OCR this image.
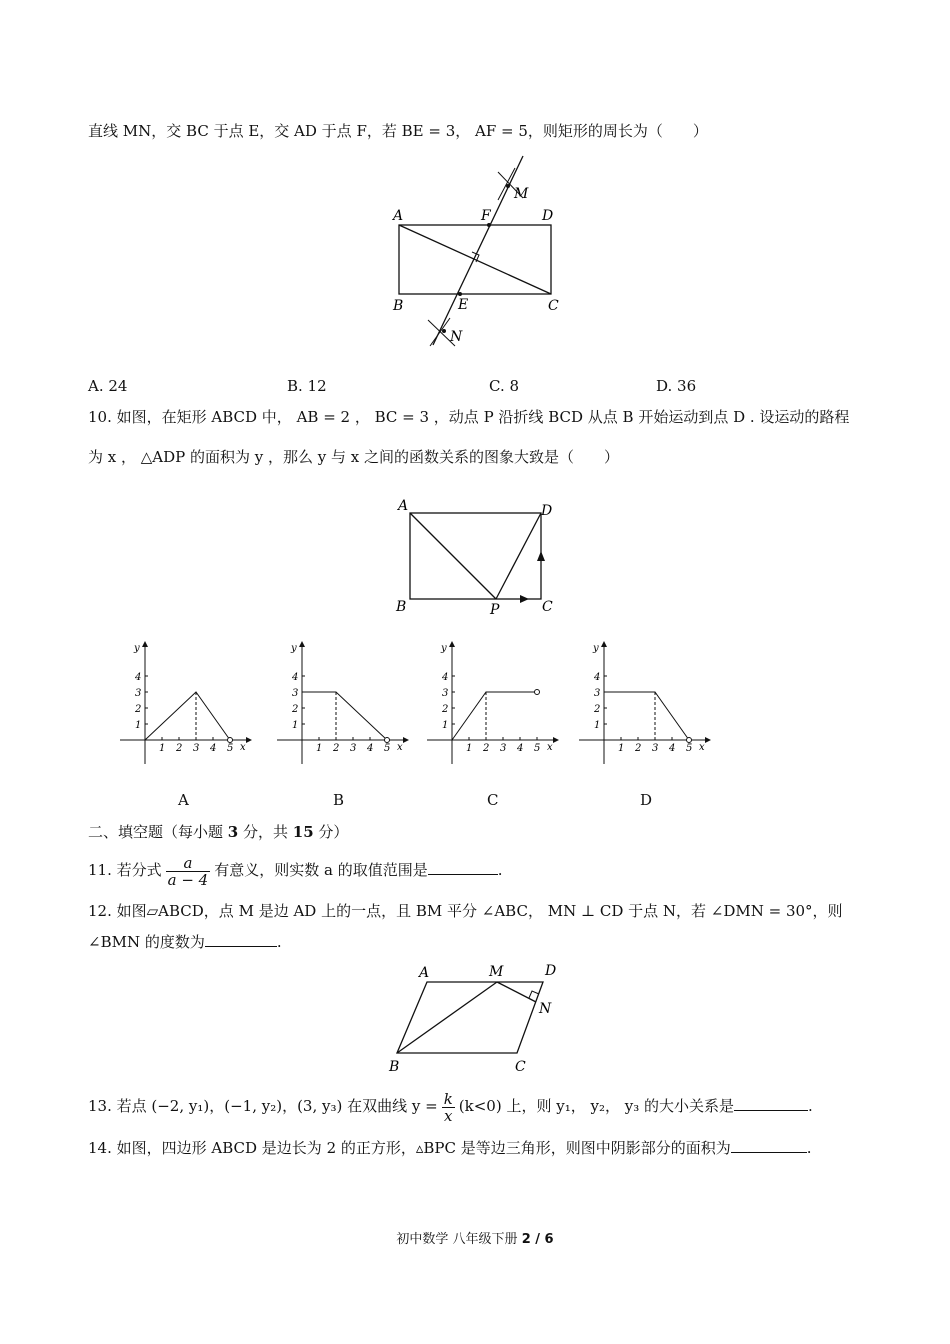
直线 MN，交 BC 于点 E，交 AD 于点 F，若 BE = 3， AF = 5，则矩形的周长为（　　）
A	F	D
M
B	E	C
N
A. 24	B. 12	C. 8	D. 36
10. 如图，在矩形 ABCD 中， AB = 2 ， BC = 3 ，动点 P 沿折线 BCD 从点 B 开始运动到点 D . 设运动的路程
为 x ， △ADP 的面积为 y ，那么 y 与 x 之间的函数关系的图象大致是（　　）
A	D
B	P	C
y
x
1 2 3 4 5
1
2
3
4
y
x
1 2 3 4 5
1
2
3
4
y
x
1 2 3 4 5
1
2
3
4
y
x
1 2 3 4 5
1
2
3
4
A	B	C	D
二、填空题（每小题 3 分，共 15 分）
11. 若分式 $\frac{a}{a - 4}$ 有意义，则实数 a 的取值范围是	.
12. 如图▱ABCD，点 M 是边 AD 上的一点，且 BM 平分 ∠ABC， MN ⊥ CD 于点 N，若 ∠DMN = 30°，则
∠BMN 的度数为	.
A	M	D
N
B	C
13. 若点 (−2, y₁)，(−1, y₂)，(3, y₃) 在双曲线 $y = \frac{k}{x} (k<0)$ 上，则 y₁， y₂， y₃ 的大小关系是	.
14. 如图，四边形 ABCD 是边长为 2 的正方形，▵BPC 是等边三角形，则图中阴影部分的面积为	.
初中数学 八年级下册 2 / 6
